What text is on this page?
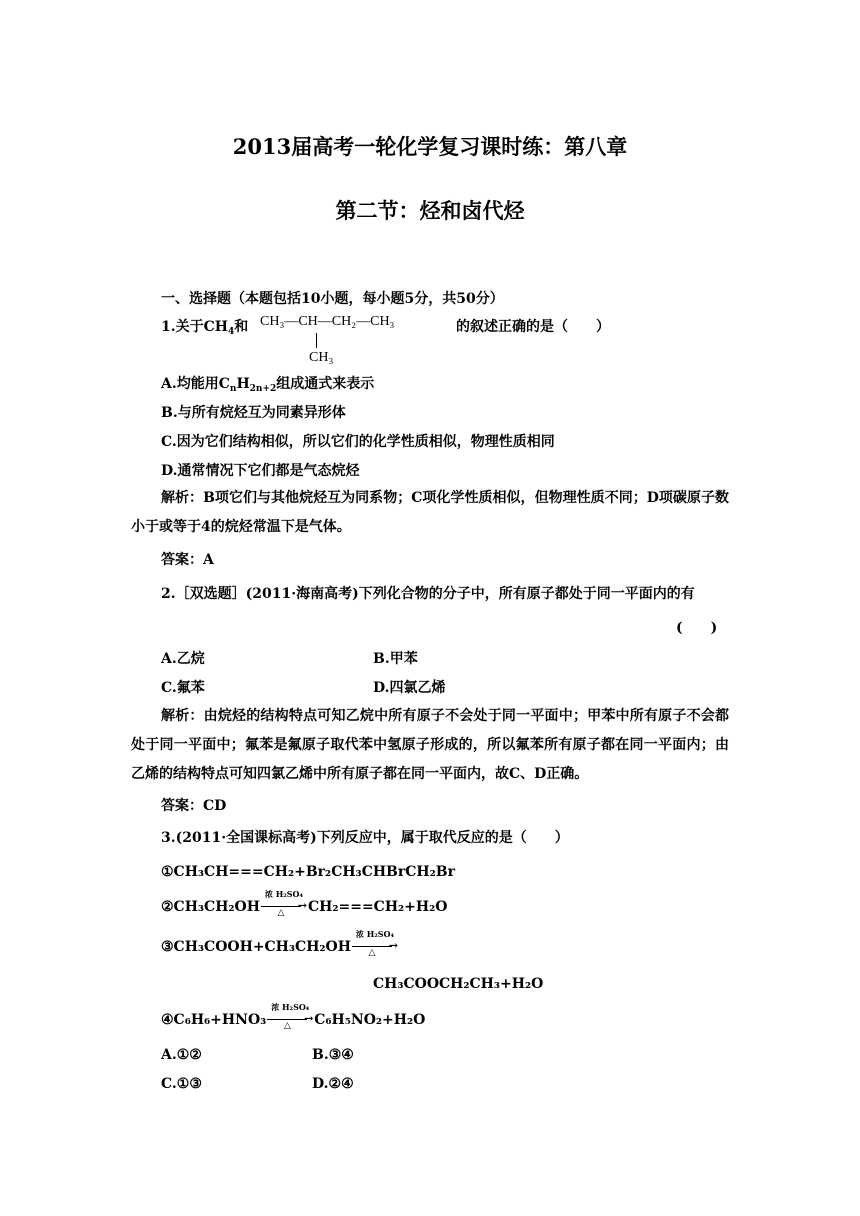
2013届高考一轮化学复习课时练：第八章
第二节：烃和卤代烃
一、选择题（本题包括10小题，每小题5分，共50分）
1.关于$CH_4$和 CH₃—CH—CH₂—CH₃
CH₃
的叙述正确的是（　　）
A.均能用$C_nH_{2n+2}$组成通式来表示
B.与所有烷烃互为同素异形体
C.因为它们结构相似，所以它们的化学性质相似，物理性质相同
D.通常情况下它们都是气态烷烃
解析：B项它们与其他烷烃互为同系物；C项化学性质相似，但物理性质不同；D项碳原子数小于或等于4的烷烃常温下是气体。
答案：A
2.［双选题］(2011·海南高考)下列化合物的分子中，所有原子都处于同一平面内的有
(　　)
A.乙烷	B.甲苯
C.氟苯	D.四氯乙烯
解析：由烷烃的结构特点可知乙烷中所有原子不会处于同一平面中；甲苯中所有原子不会都处于同一平面中；氟苯是氟原子取代苯中氢原子形成的，所以氟苯所有原子都在同一平面内；由乙烯的结构特点可知四氯乙烯中所有原子都在同一平面内，故C、D正确。
答案：CD
3.(2011·全国课标高考)下列反应中，属于取代反应的是（　　）
①CH₃CH===CH₂+Br₂CH₃CHBrCH₂Br
②CH₃CH₂OH
浓 H₂SO₄
→
△	CH₂===CH₂+H₂O
③CH₃COOH+CH₃CH₂OH
浓 H₂SO₄
→
△
CH₃COOCH₂CH₃+H₂O
④C₆H₆+HNO₃
浓 H₂SO₄
→
△	C₆H₅NO₂+H₂O
A.①②	B.③④
C.①③	D.②④
